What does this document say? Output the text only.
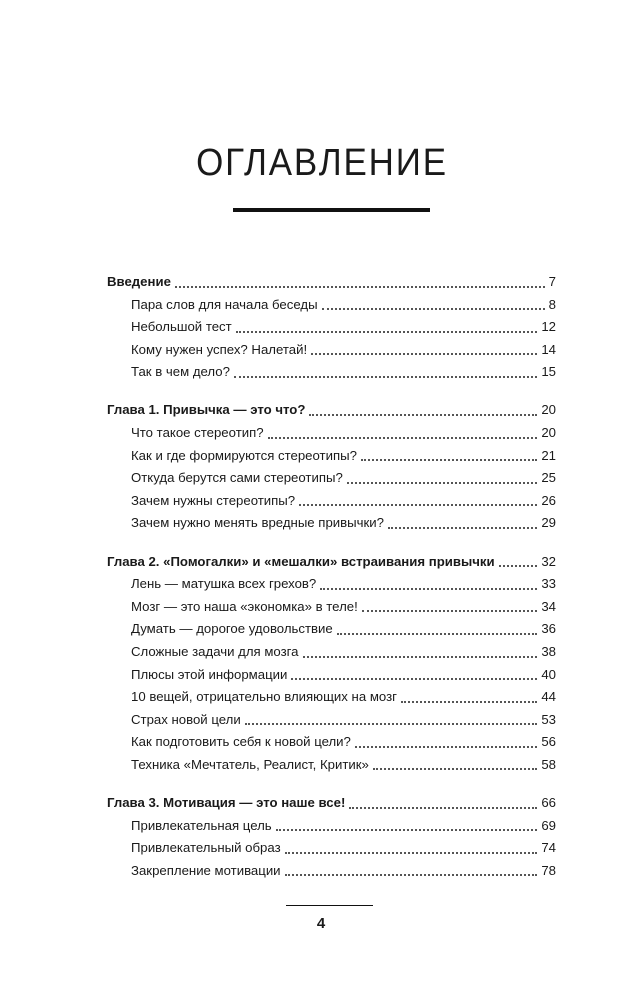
ОГЛАВЛЕНИЕ
Введение	7
Пара слов для начала беседы	8
Небольшой тест	12
Кому нужен успех? Налетай!	14
Так в чем дело?	15
Глава 1. Привычка — это что?	20
Что такое стереотип?	20
Как и где формируются стереотипы?	21
Откуда берутся сами стереотипы?	25
Зачем нужны стереотипы?	26
Зачем нужно менять вредные привычки?	29
Глава 2. «Помогалки» и «мешалки» встраивания привычки	32
Лень — матушка всех грехов?	33
Мозг — это наша «экономка» в теле!	34
Думать — дорогое удовольствие	36
Сложные задачи для мозга	38
Плюсы этой информации	40
10 вещей, отрицательно влияющих на мозг	44
Страх новой цели	53
Как подготовить себя к новой цели?	56
Техника «Мечтатель, Реалист, Критик»	58
Глава 3. Мотивация — это наше все!	66
Привлекательная цель	69
Привлекательный образ	74
Закрепление мотивации	78
4
